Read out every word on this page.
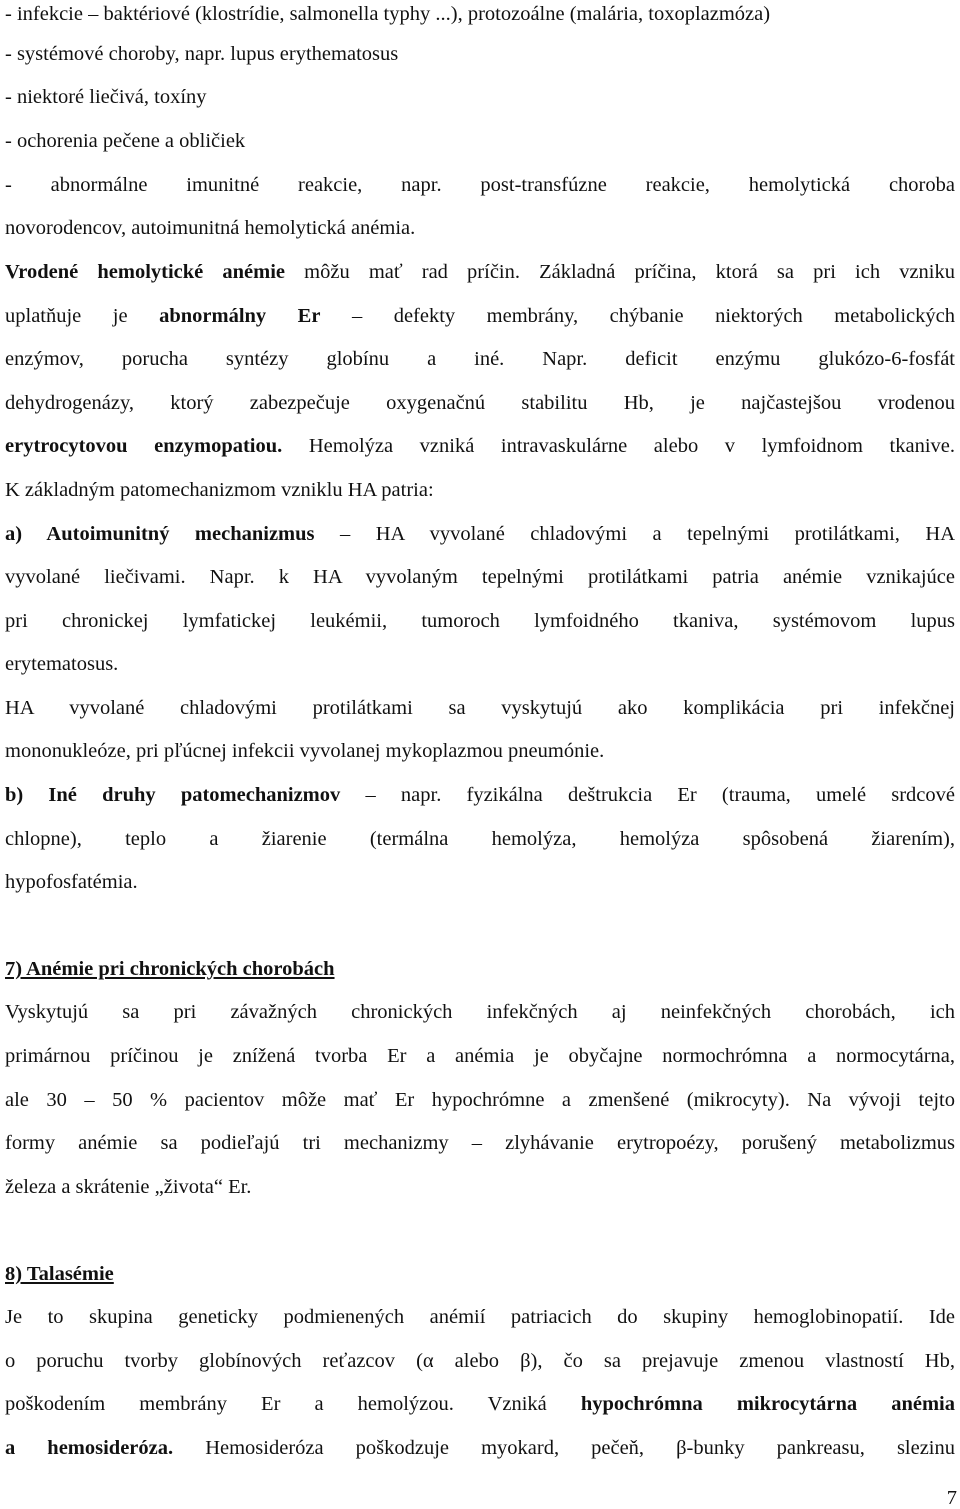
- infekcie – baktériové (klostrídie, salmonella typhy ...), protozoálne (malária, toxoplazmóza)
- systémové choroby, napr. lupus erythematosus
- niektoré liečivá, toxíny
- ochorenia pečene a obličiek
- abnormálne imunitné reakcie, napr. post-transfúzne reakcie, hemolytická choroba
novorodencov, autoimunitná hemolytická anémia.
Vrodené hemolytické anémie môžu mať rad príčin. Základná príčina, ktorá sa pri ich vzniku
uplatňuje je abnormálny Er – defekty membrány, chýbanie niektorých metabolických
enzýmov, porucha syntézy globínu a iné. Napr. deficit enzýmu glukózo-6-fosfát
dehydrogenázy, ktorý zabezpečuje oxygenačnú stabilitu Hb, je najčastejšou vrodenou
erytrocytovou enzymopatiou. Hemolýza vzniká intravaskulárne alebo v lymfoidnom tkanive.
K základným patomechanizmom vzniklu HA patria:
a) Autoimunitný mechanizmus – HA vyvolané chladovými a tepelnými protilátkami, HA
vyvolané liečivami. Napr. k HA vyvolaným tepelnými protilátkami patria anémie vznikajúce
pri chronickej lymfatickej leukémii, tumoroch lymfoidného tkaniva, systémovom lupus
erytematosus.
HA vyvolané chladovými protilátkami sa vyskytujú ako komplikácia pri infekčnej
mononukleóze, pri pľúcnej infekcii vyvolanej mykoplazmou pneumónie.
b) Iné druhy patomechanizmov – napr. fyzikálna deštrukcia Er (trauma, umelé srdcové
chlopne), teplo a žiarenie (termálna hemolýza, hemolýza spôsobená žiarením),
hypofosfatémia.
7) Anémie pri chronických chorobách
Vyskytujú sa pri závažných chronických infekčných aj neinfekčných chorobách, ich
primárnou príčinou je znížená tvorba Er a anémia je obyčajne normochrómna a normocytárna,
ale 30 – 50 % pacientov môže mať Er hypochrómne a zmenšené (mikrocyty). Na vývoji tejto
formy anémie sa podieľajú tri mechanizmy – zlyhávanie erytropoézy, porušený metabolizmus
železa a skrátenie „života“ Er.
8) Talasémie
Je to skupina geneticky podmienených anémií patriacich do skupiny hemoglobinopatií. Ide
o poruchu tvorby globínových reťazcov (α alebo β), čo sa prejavuje zmenou vlastností Hb,
poškodením membrány Er a hemolýzou. Vzniká hypochrómna mikrocytárna anémia
a hemosideróza. Hemosideróza poškodzuje myokard, pečeň, β-bunky pankreasu, slezinu
7
